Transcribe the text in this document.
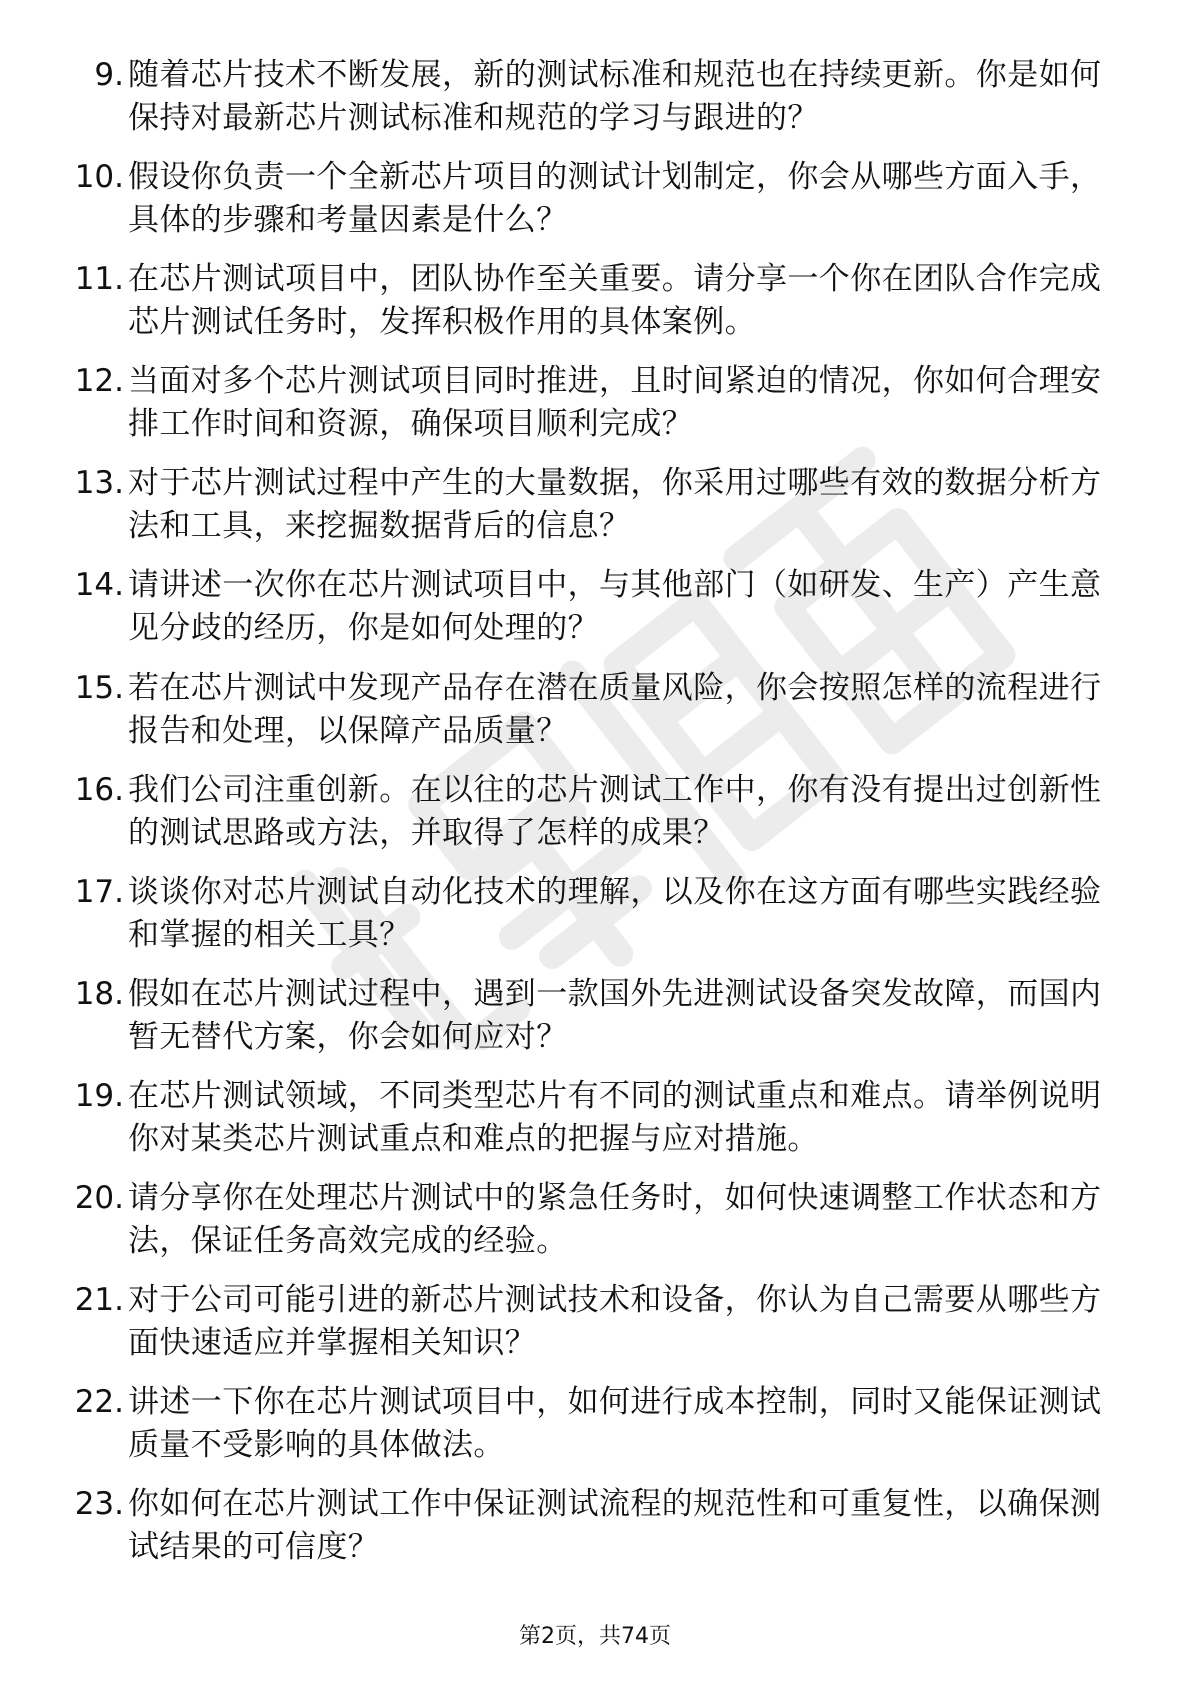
9. 随着芯片技术不断发展，新的测试标准和规范也在持续更新。你是如何保持对最新芯片测试标准和规范的学习与跟进的？
10. 假设你负责一个全新芯片项目的测试计划制定，你会从哪些方面入手，具体的步骤和考量因素是什么？
11. 在芯片测试项目中，团队协作至关重要。请分享一个你在团队合作完成芯片测试任务时，发挥积极作用的具体案例。
12. 当面对多个芯片测试项目同时推进，且时间紧迫的情况，你如何合理安排工作时间和资源，确保项目顺利完成？
13. 对于芯片测试过程中产生的大量数据，你采用过哪些有效的数据分析方法和工具，来挖掘数据背后的信息？
14. 请讲述一次你在芯片测试项目中，与其他部门（如研发、生产）产生意见分歧的经历，你是如何处理的？
15. 若在芯片测试中发现产品存在潜在质量风险，你会按照怎样的流程进行报告和处理，以保障产品质量？
16. 我们公司注重创新。在以往的芯片测试工作中，你有没有提出过创新性的测试思路或方法，并取得了怎样的成果？
17. 谈谈你对芯片测试自动化技术的理解，以及你在这方面有哪些实践经验和掌握的相关工具？
18. 假如在芯片测试过程中，遇到一款国外先进测试设备突发故障，而国内暂无替代方案，你会如何应对？
19. 在芯片测试领域，不同类型芯片有不同的测试重点和难点。请举例说明你对某类芯片测试重点和难点的把握与应对措施。
20. 请分享你在处理芯片测试中的紧急任务时，如何快速调整工作状态和方法，保证任务高效完成的经验。
21. 对于公司可能引进的新芯片测试技术和设备，你认为自己需要从哪些方面快速适应并掌握相关知识？
22. 讲述一下你在芯片测试项目中，如何进行成本控制，同时又能保证测试质量不受影响的具体做法。
23. 你如何在芯片测试工作中保证测试流程的规范性和可重复性，以确保测试结果的可信度？
第2页，共74页
